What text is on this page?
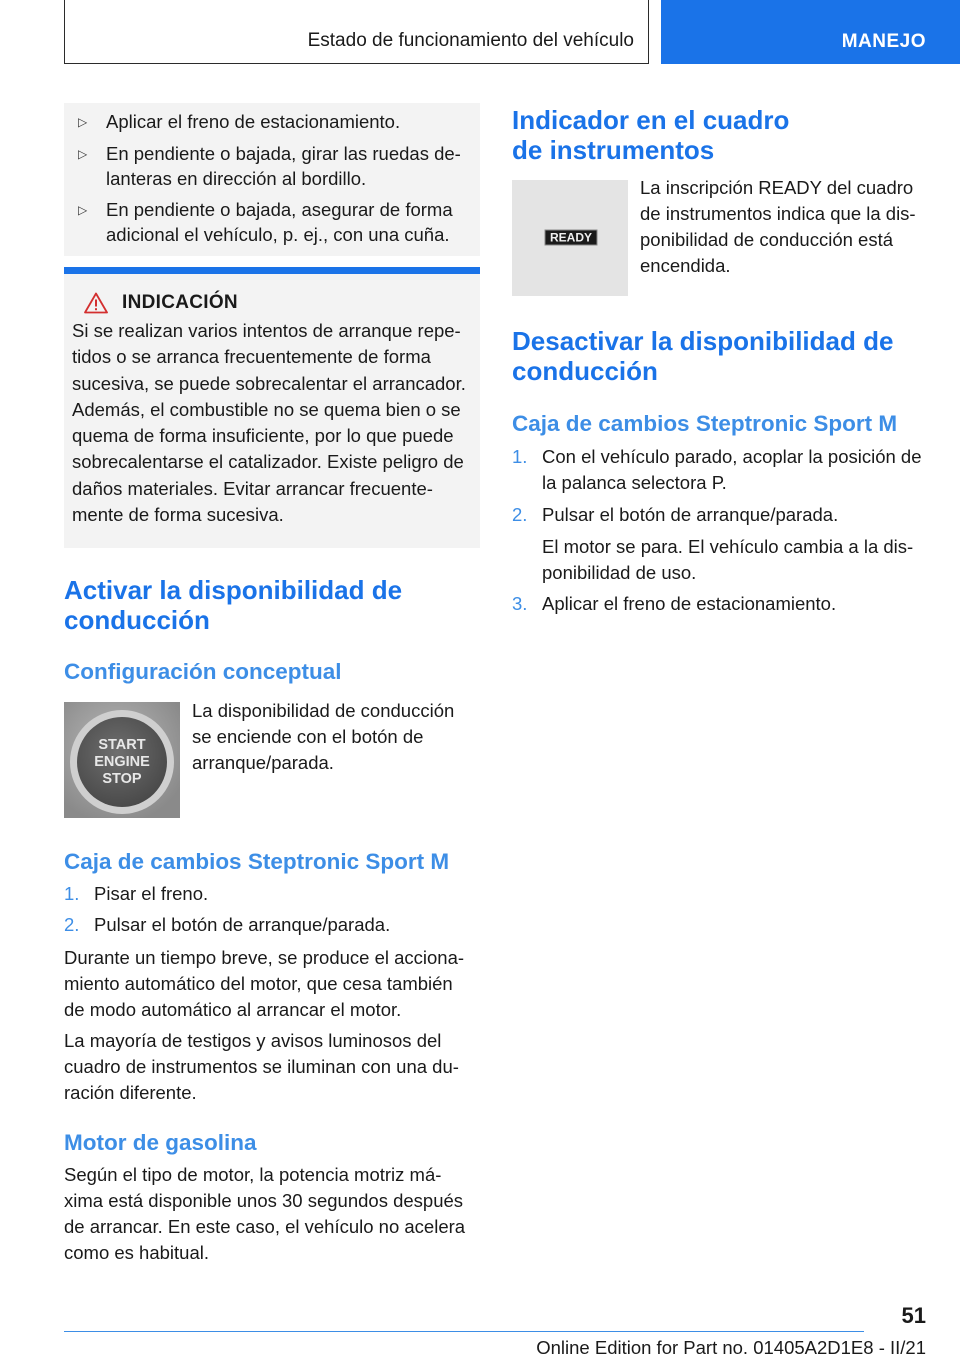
Estado de funcionamiento del vehículo	MANEJO
▷	Aplicar el freno de estacionamiento.
▷	En pendiente o bajada, girar las ruedas de-
lanteras en dirección al bordillo.
▷	En pendiente o bajada, asegurar de forma
adicional el vehículo, p. ej., con una cuña.
INDICACIÓN
Si se realizan varios intentos de arranque repe-
tidos o se arranca frecuentemente de forma
sucesiva, se puede sobrecalentar el arrancador.
Además, el combustible no se quema bien o se
quema de forma insuficiente, por lo que puede
sobrecalentarse el catalizador. Existe peligro de
daños materiales. Evitar arrancar frecuente-
mente de forma sucesiva.
Activar la disponibilidad de
conducción
Configuración conceptual
START
ENGINE
STOP
La disponibilidad de conducción
se enciende con el botón de
arranque/parada.
Caja de cambios Steptronic Sport M
1. Pisar el freno.
2. Pulsar el botón de arranque/parada.
Durante un tiempo breve, se produce el acciona-
miento automático del motor, que cesa también
de modo automático al arrancar el motor.
La mayoría de testigos y avisos luminosos del
cuadro de instrumentos se iluminan con una du-
ración diferente.
Motor de gasolina
Según el tipo de motor, la potencia motriz má-
xima está disponible unos 30 segundos después
de arrancar. En este caso, el vehículo no acelera
como es habitual.
Indicador en el cuadro
de instrumentos
READY
La inscripción READY del cuadro
de instrumentos indica que la dis-
ponibilidad de conducción está
encendida.
Desactivar la disponibilidad de
conducción
Caja de cambios Steptronic Sport M
1. Con el vehículo parado, acoplar la posición de
la palanca selectora P.
2. Pulsar el botón de arranque/parada.
El motor se para. El vehículo cambia a la dis-
ponibilidad de uso.
3. Aplicar el freno de estacionamiento.
51
Online Edition for Part no. 01405A2D1E8 - II/21
